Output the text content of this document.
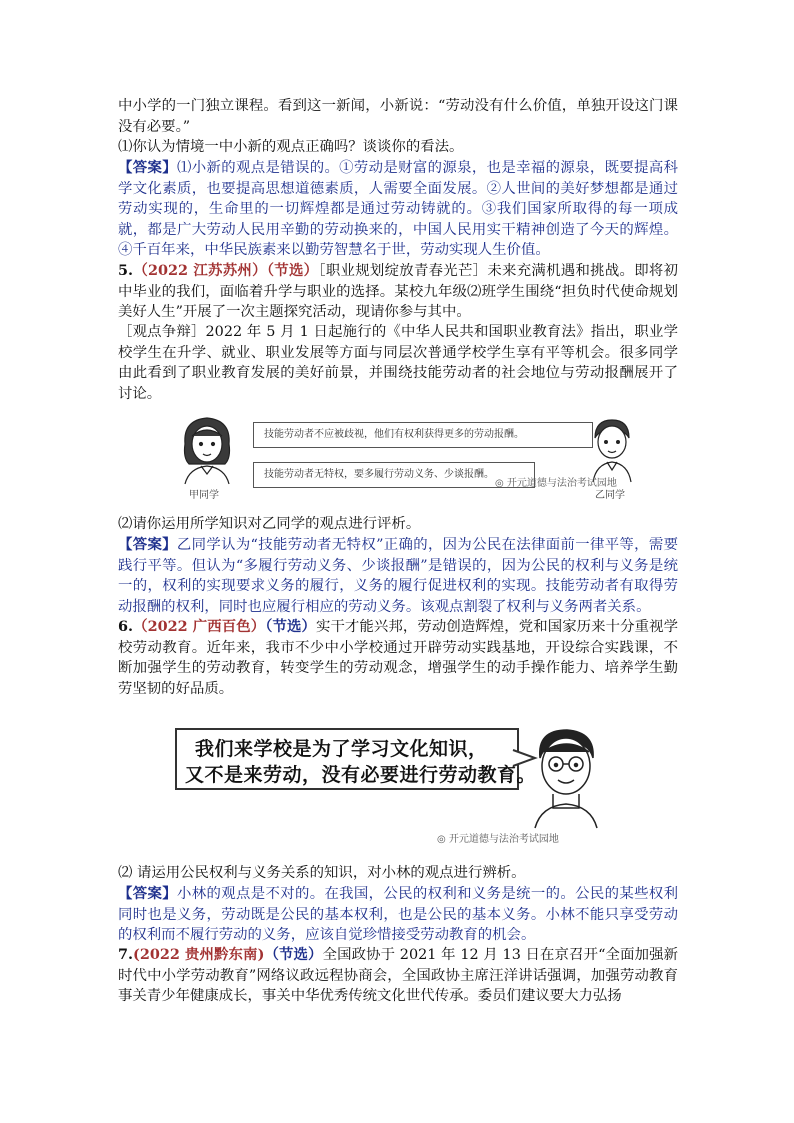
中小学的一门独立课程。看到这一新闻，小新说：“劳动没有什么价值，单独开设这门课没有必要。”

⑴你认为情境一中小新的观点正确吗？谈谈你的看法。

【答案】⑴小新的观点是错误的。①劳动是财富的源泉，也是幸福的源泉，既要提高科学文化素质，也要提高思想道德素质，人需要全面发展。②人世间的美好梦想都是通过劳动实现的，生命里的一切辉煌都是通过劳动铸就的。③我们国家所取得的每一项成就，都是广大劳动人民用辛勤的劳动换来的，中国人民用实干精神创造了今天的辉煌。④千百年来，中华民族素来以勤劳智慧名于世，劳动实现人生价值。

5.（2022 江苏苏州）（节选）［职业规划绽放青春光芒］未来充满机遇和挑战。即将初中毕业的我们，面临着升学与职业的选择。某校九年级⑵班学生围绕“担负时代使命规划美好人生”开展了一次主题探究活动，现请你参与其中。

［观点争辩］2022 年 5 月 1 日起施行的《中华人民共和国职业教育法》指出，职业学校学生在升学、就业、职业发展等方面与同层次普通学校学生享有平等机会。很多同学由此看到了职业教育发展的美好前景，并围绕技能劳动者的社会地位与劳动报酬展开了讨论。

⑵请你运用所学知识对乙同学的观点进行评析。

【答案】乙同学认为“技能劳动者无特权”正确的，因为公民在法律面前一律平等，需要践行平等。但认为“多履行劳动义务、少谈报酬”是错误的，因为公民的权利与义务是统一的，权利的实现要求义务的履行，义务的履行促进权利的实现。技能劳动者有取得劳动报酬的权利，同时也应履行相应的劳动义务。该观点割裂了权利与义务两者关系。

6.（2022 广西百色）（节选）实干才能兴邦，劳动创造辉煌，党和国家历来十分重视学校劳动教育。近年来，我市不少中小学校通过开辟劳动实践基地，开设综合实践课，不断加强学生的劳动教育，转变学生的劳动观念，增强学生的动手操作能力、培养学生勤劳坚韧的好品质。

⑵ 请运用公民权利与义务关系的知识，对小林的观点进行辨析。

【答案】小林的观点是不对的。在我国，公民的权利和义务是统一的。公民的某些权利同时也是义务，劳动既是公民的基本权利，也是公民的基本义务。小林不能只享受劳动的权利而不履行劳动的义务，应该自觉珍惜接受劳动教育的机会。

7.(2022 贵州黔东南)（节选）全国政协于 2021 年 12 月 13 日在京召开“全面加强新时代中小学劳动教育”网络议政远程协商会，全国政协主席汪洋讲话强调，加强劳动教育事关青少年健康成长，事关中华优秀传统文化世代传承。委员们建议要大力弘扬

技能劳动者不应被歧视，他们有权利获得更多的劳动报酬。
技能劳动者无特权，要多履行劳动义务、少谈报酬。
甲同学	乙同学
◎ 开元道德与法治考试园地
我们来学校是为了学习文化知识，
又不是来劳动，没有必要进行劳动教育。
◎ 开元道德与法治考试园地
